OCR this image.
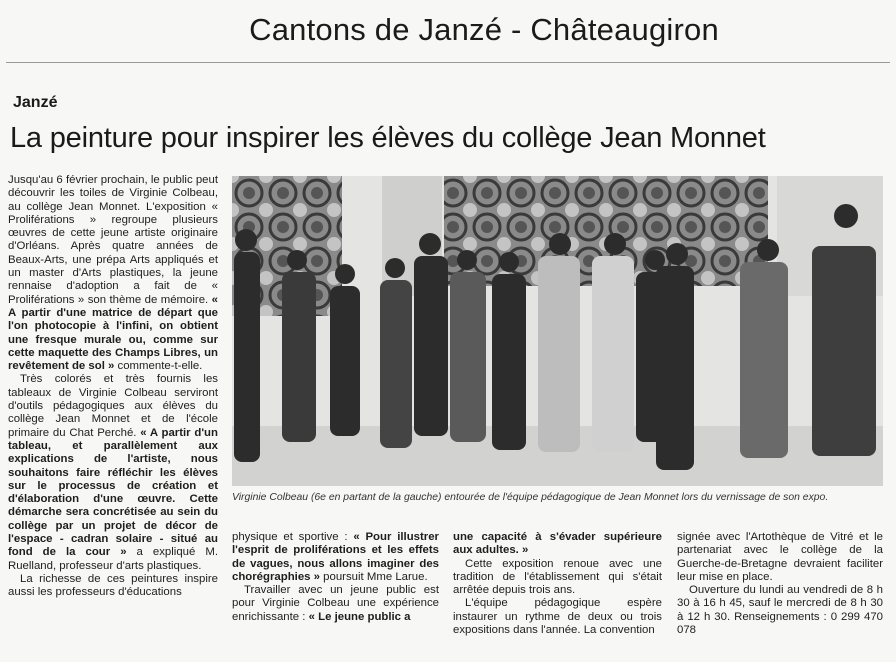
Cantons de Janzé - Châteaugiron
Janzé
La peinture pour inspirer les élèves du collège Jean Monnet

Jusqu'au 6 février prochain, le public peut découvrir les toiles de Virginie Colbeau, au collège Jean Monnet. L'exposition « Proliférations » regroupe plusieurs œuvres de cette jeune artiste originaire d'Orléans. Après quatre années de Beaux-Arts, une prépa Arts appliqués et un master d'Arts plastiques, la jeune rennaise d'adoption a fait de « Proliférations » son thème de mémoire. « A partir d'une matrice de départ que l'on photocopie à l'infini, on obtient une fresque murale ou, comme sur cette maquette des Champs Libres, un revêtement de sol » commente-t-elle.

Très colorés et très fournis les tableaux de Virginie Colbeau serviront d'outils pédagogiques aux élèves du collège Jean Monnet et de l'école primaire du Chat Perché. « A partir d'un tableau, et parallèlement aux explications de l'artiste, nous souhaitons faire réfléchir les élèves sur le processus de création et d'élaboration d'une œuvre. Cette démarche sera concrétisée au sein du collège par un projet de décor de l'espace - cadran solaire - situé au fond de la cour » a expliqué M. Ruelland, professeur d'arts plastiques.

La richesse de ces peintures inspire aussi les professeurs d'éducations

Virginie Colbeau (6e en partant de la gauche) entourée de l'équipe pédagogique de Jean Monnet lors du vernissage de son expo.

physique et sportive : « Pour illustrer l'esprit de proliférations et les effets de vagues, nous allons imaginer des chorégraphies » poursuit Mme Larue.

Travailler avec un jeune public est pour Virginie Colbeau une expérience enrichissante : « Le jeune public a

une capacité à s'évader supérieure aux adultes. »

Cette exposition renoue avec une tradition de l'établissement qui s'était arrêtée depuis trois ans.

L'équipe pédagogique espère instaurer un rythme de deux ou trois expositions dans l'année. La convention

signée avec l'Artothèque de Vitré et le partenariat avec le collège de la Guerche-de-Bretagne devraient faciliter leur mise en place.

Ouverture du lundi au vendredi de 8 h 30 à 16 h 45, sauf le mercredi de 8 h 30 à 12 h 30. Renseignements : 0 299 470 078
